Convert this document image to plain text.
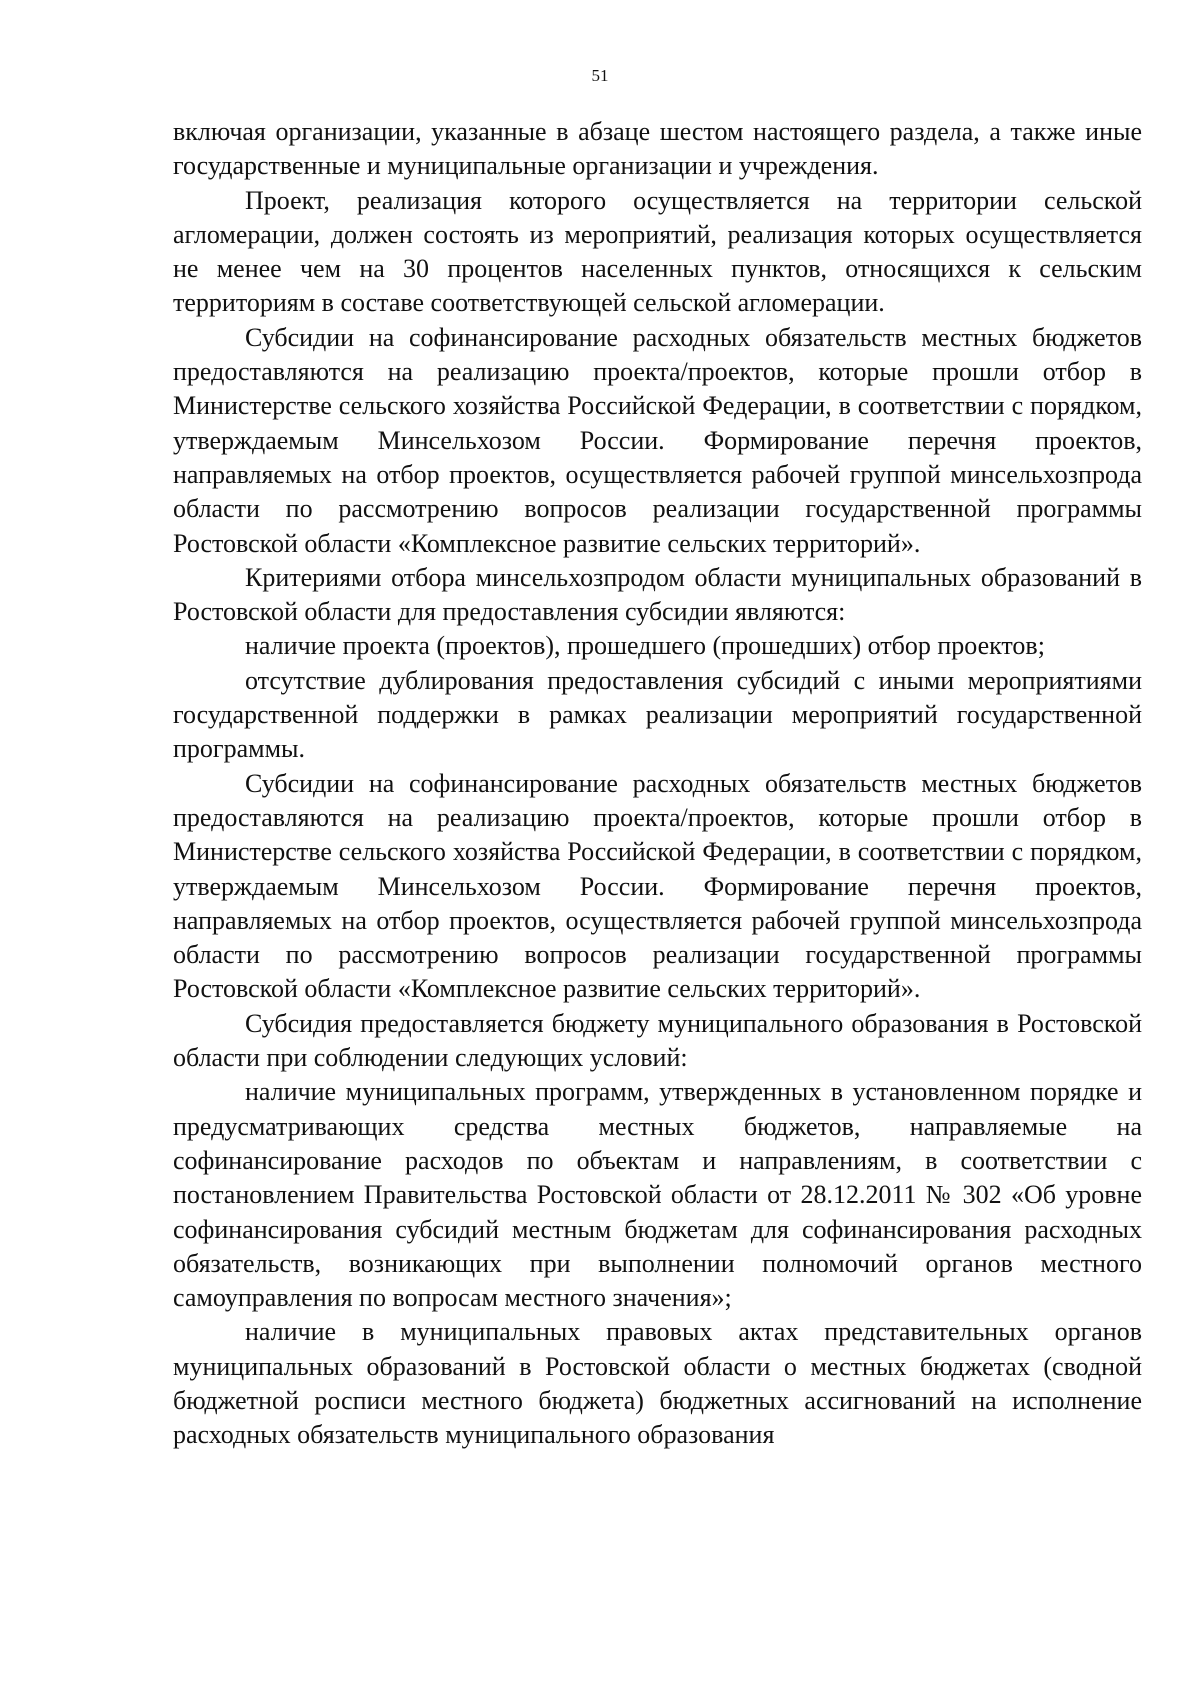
51

включая организации, указанные в абзаце шестом настоящего раздела, а также иные государственные и муниципальные организации и учреждения.

Проект, реализация которого осуществляется на территории сельской агломерации, должен состоять из мероприятий, реализация которых осуществляется не менее чем на 30 процентов населенных пунктов, относящихся к сельским территориям в составе соответствующей сельской агломерации.

Субсидии на софинансирование расходных обязательств местных бюджетов предоставляются на реализацию проекта/проектов, которые прошли отбор в Министерстве сельского хозяйства Российской Федерации, в соответствии с порядком, утверждаемым Минсельхозом России. Формирование перечня проектов, направляемых на отбор проектов, осуществляется рабочей группой минсельхозпрода области по рассмотрению вопросов реализации государственной программы Ростовской области «Комплексное развитие сельских территорий».

Критериями отбора минсельхозпродом области муниципальных образований в Ростовской области для предоставления субсидии являются:

наличие проекта (проектов), прошедшего (прошедших) отбор проектов;

отсутствие дублирования предоставления субсидий с иными мероприятиями государственной поддержки в рамках реализации мероприятий государственной программы.

Субсидии на софинансирование расходных обязательств местных бюджетов предоставляются на реализацию проекта/проектов, которые прошли отбор в Министерстве сельского хозяйства Российской Федерации, в соответствии с порядком, утверждаемым Минсельхозом России. Формирование перечня проектов, направляемых на отбор проектов, осуществляется рабочей группой минсельхозпрода области по рассмотрению вопросов реализации государственной программы Ростовской области «Комплексное развитие сельских территорий».

Субсидия предоставляется бюджету муниципального образования в Ростовской области при соблюдении следующих условий:

наличие муниципальных программ, утвержденных в установленном порядке и предусматривающих средства местных бюджетов, направляемые на софинансирование расходов по объектам и направлениям, в соответствии с постановлением Правительства Ростовской области от 28.12.2011 № 302 «Об уровне софинансирования субсидий местным бюджетам для софинансирования расходных обязательств, возникающих при выполнении полномочий органов местного самоуправления по вопросам местного значения»;

наличие в муниципальных правовых актах представительных органов муниципальных образований в Ростовской области о местных бюджетах (сводной бюджетной росписи местного бюджета) бюджетных ассигнований на исполнение расходных обязательств муниципального образования
